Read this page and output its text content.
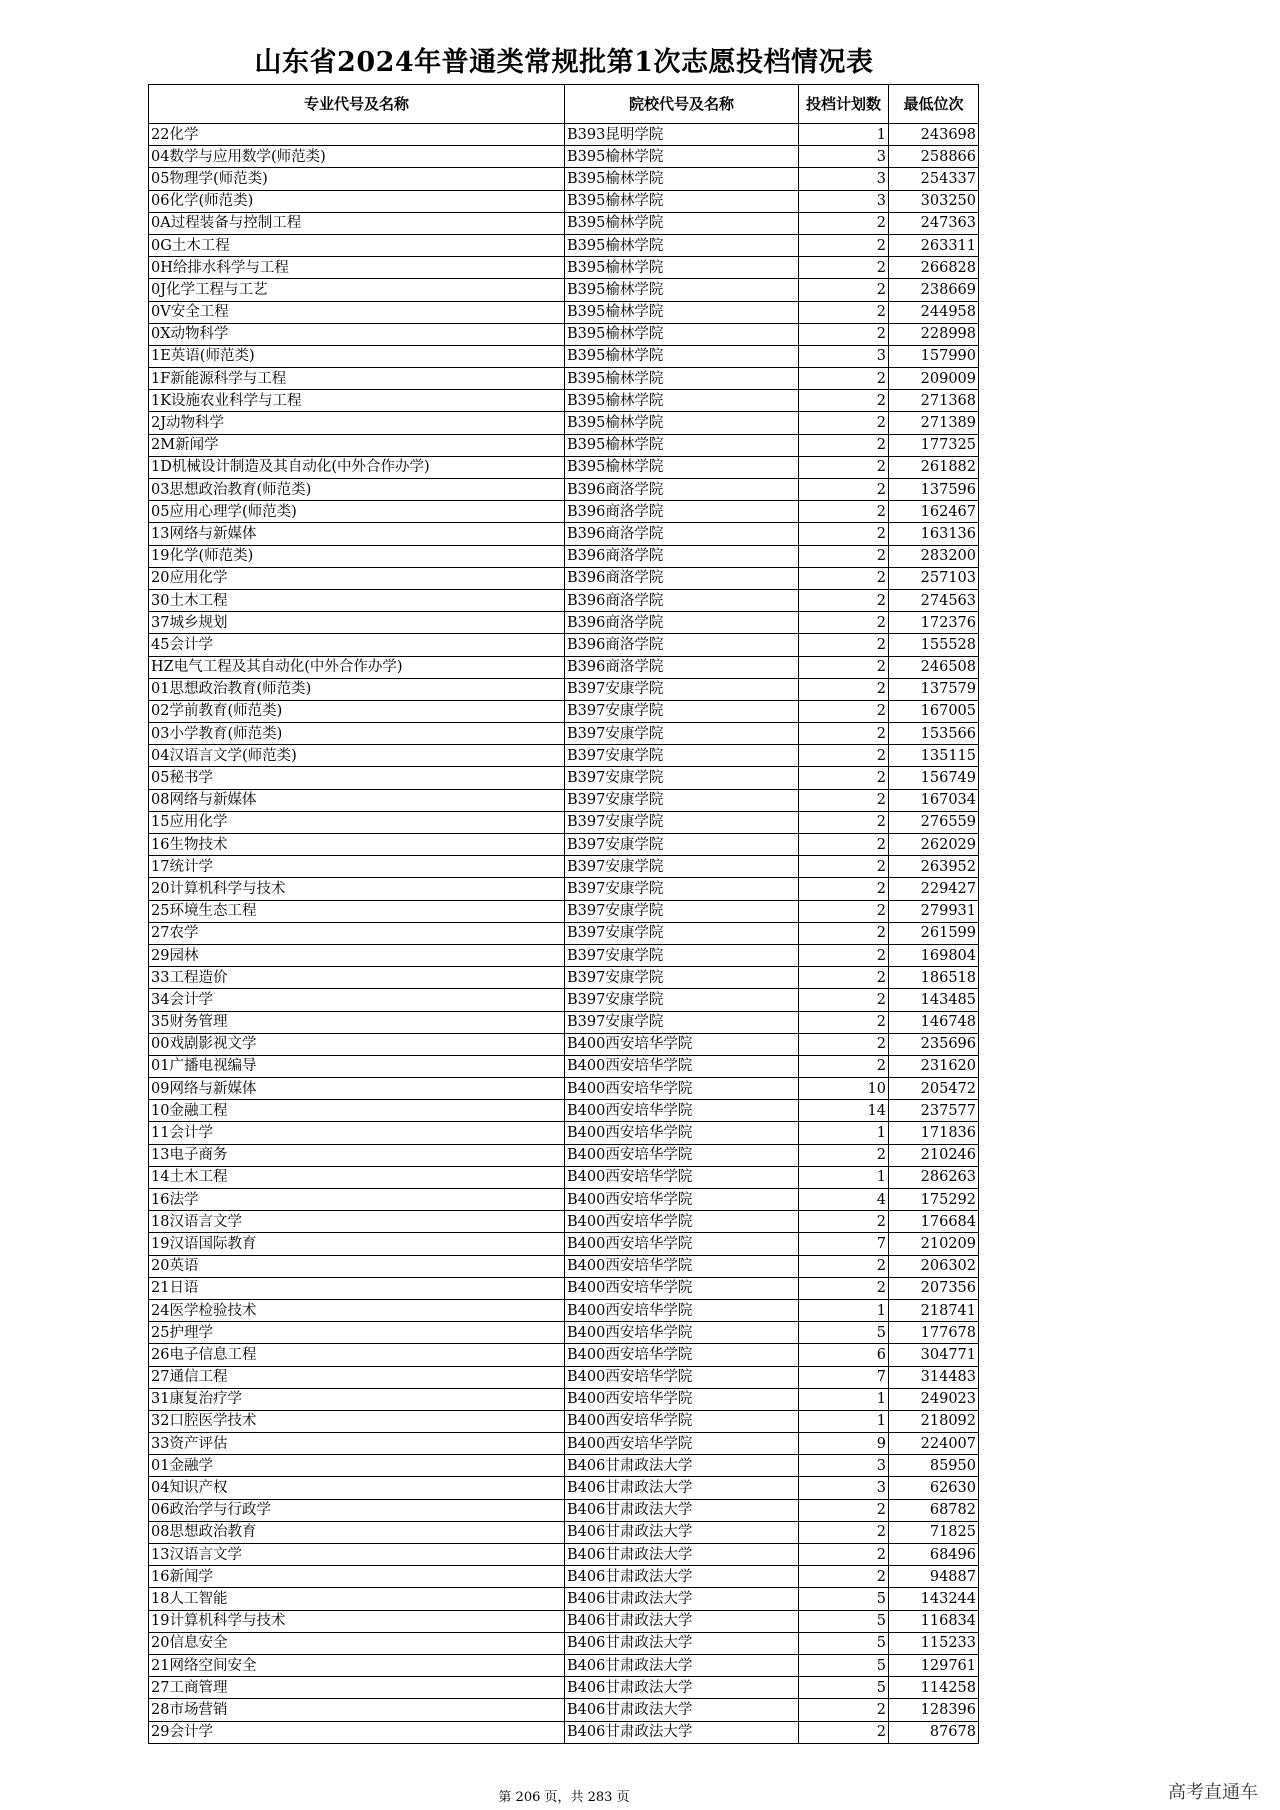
山东省2024年普通类常规批第1次志愿投档情况表
专业代号及名称	院校代号及名称	投档计划数	最低位次
22化学	B393昆明学院	1	243698
04数学与应用数学(师范类)	B395榆林学院	3	258866
05物理学(师范类)	B395榆林学院	3	254337
06化学(师范类)	B395榆林学院	3	303250
0A过程装备与控制工程	B395榆林学院	2	247363
0G土木工程	B395榆林学院	2	263311
0H给排水科学与工程	B395榆林学院	2	266828
0J化学工程与工艺	B395榆林学院	2	238669
0V安全工程	B395榆林学院	2	244958
0X动物科学	B395榆林学院	2	228998
1E英语(师范类)	B395榆林学院	3	157990
1F新能源科学与工程	B395榆林学院	2	209009
1K设施农业科学与工程	B395榆林学院	2	271368
2J动物科学	B395榆林学院	2	271389
2M新闻学	B395榆林学院	2	177325
1D机械设计制造及其自动化(中外合作办学)	B395榆林学院	2	261882
03思想政治教育(师范类)	B396商洛学院	2	137596
05应用心理学(师范类)	B396商洛学院	2	162467
13网络与新媒体	B396商洛学院	2	163136
19化学(师范类)	B396商洛学院	2	283200
20应用化学	B396商洛学院	2	257103
30土木工程	B396商洛学院	2	274563
37城乡规划	B396商洛学院	2	172376
45会计学	B396商洛学院	2	155528
HZ电气工程及其自动化(中外合作办学)	B396商洛学院	2	246508
01思想政治教育(师范类)	B397安康学院	2	137579
02学前教育(师范类)	B397安康学院	2	167005
03小学教育(师范类)	B397安康学院	2	153566
04汉语言文学(师范类)	B397安康学院	2	135115
05秘书学	B397安康学院	2	156749
08网络与新媒体	B397安康学院	2	167034
15应用化学	B397安康学院	2	276559
16生物技术	B397安康学院	2	262029
17统计学	B397安康学院	2	263952
20计算机科学与技术	B397安康学院	2	229427
25环境生态工程	B397安康学院	2	279931
27农学	B397安康学院	2	261599
29园林	B397安康学院	2	169804
33工程造价	B397安康学院	2	186518
34会计学	B397安康学院	2	143485
35财务管理	B397安康学院	2	146748
00戏剧影视文学	B400西安培华学院	2	235696
01广播电视编导	B400西安培华学院	2	231620
09网络与新媒体	B400西安培华学院	10	205472
10金融工程	B400西安培华学院	14	237577
11会计学	B400西安培华学院	1	171836
13电子商务	B400西安培华学院	2	210246
14土木工程	B400西安培华学院	1	286263
16法学	B400西安培华学院	4	175292
18汉语言文学	B400西安培华学院	2	176684
19汉语国际教育	B400西安培华学院	7	210209
20英语	B400西安培华学院	2	206302
21日语	B400西安培华学院	2	207356
24医学检验技术	B400西安培华学院	1	218741
25护理学	B400西安培华学院	5	177678
26电子信息工程	B400西安培华学院	6	304771
27通信工程	B400西安培华学院	7	314483
31康复治疗学	B400西安培华学院	1	249023
32口腔医学技术	B400西安培华学院	1	218092
33资产评估	B400西安培华学院	9	224007
01金融学	B406甘肃政法大学	3	85950
04知识产权	B406甘肃政法大学	3	62630
06政治学与行政学	B406甘肃政法大学	2	68782
08思想政治教育	B406甘肃政法大学	2	71825
13汉语言文学	B406甘肃政法大学	2	68496
16新闻学	B406甘肃政法大学	2	94887
18人工智能	B406甘肃政法大学	5	143244
19计算机科学与技术	B406甘肃政法大学	5	116834
20信息安全	B406甘肃政法大学	5	115233
21网络空间安全	B406甘肃政法大学	5	129761
27工商管理	B406甘肃政法大学	5	114258
28市场营销	B406甘肃政法大学	2	128396
29会计学	B406甘肃政法大学	2	87678
第 206 页，共 283 页	高考直通车
